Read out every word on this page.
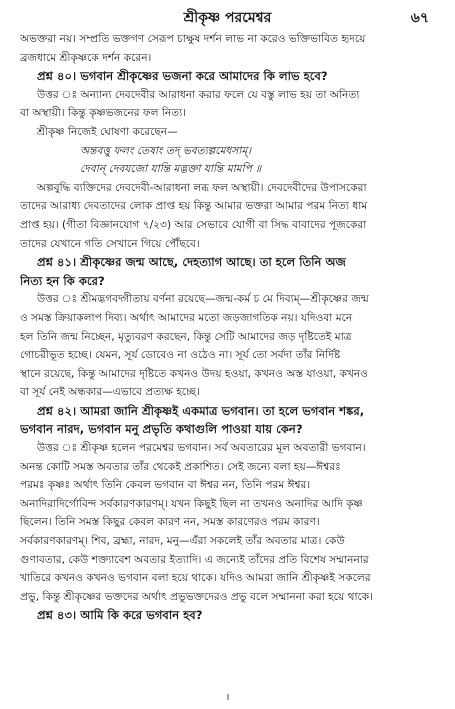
শ্রীকৃষ্ণ পরমেশ্বর	৬৭

অভক্তরা নয়। সম্প্রতি ভক্তগণ সেরূপ চাক্ষুষ দর্শন লাভ না করেও ভক্তিভাবিত হৃদয়ে

ব্রজধামে শ্রীকৃষ্ণকে দর্শন করেন।

প্রশ্ন ৪০। ভগবান শ্রীকৃষ্ণের ভজনা করে আমাদের কি লাভ হবে?

উত্তর ঃ অন্যান্য দেবদেবীর আরাধনা করার ফলে যে বস্তু লাভ হয় তা অনিত্য

বা অস্থায়ী। কিন্তু কৃষ্ণভজনের ফল নিত্য।

শ্রীকৃষ্ণ নিজেই ঘোষণা করেছেন—

অন্তবত্তু ফলং তেষাং তদ্ ভবত্যল্পমেধসাম্।

দেবান্ দেবযজো যান্তি মদ্ভক্তা যান্তি মামপি ॥

অল্পবুদ্ধি ব্যক্তিদের দেবদেবী-আরাধনা লব্ধ ফল অস্থায়ী। দেবদেবীদের উপাসকেরা

তাদের আরাধ্য দেবতাদের লোক প্রাপ্ত হয় কিন্তু আমার ভক্তরা আমার পরম নিত্য ধাম

প্রাপ্ত হয়। (গীতা বিজ্ঞানযোগ ৭/২৩) আর সেভাবে যোগী বা সিদ্ধ বাবাদের পূজকেরা

তাদের যেখানে গতি সেখানে গিয়ে পৌঁছবে।

প্রশ্ন ৪১। শ্রীকৃষ্ণের জন্ম আছে, দেহত্যাগ আছে। তা হলে তিনি অজ

নিত্য হন কি করে?

উত্তর ঃ শ্রীমদ্ভগবদ্গীতায় বর্ণনা রয়েছে—জন্ম-কর্ম চ মে দিব্যম্—শ্রীকৃষ্ণের জন্ম

ও সমস্ত ক্রিয়াকলাপ দিব্য। অর্থাৎ আমাদের মতো জড়জাগতিক নয়। যদিওবা মনে

হল তিনি জন্ম নিচ্ছেন, মৃত্যুবরণ করছেন, কিন্তু সেটি আমাদের জড় দৃষ্টিতেই মাত্র

গোচরীভূত হচ্ছে। যেমন, সূর্য ডোবেও না ওঠেও না। সূর্য তো সর্বদা তাঁর নির্দিষ্ট

স্থানে রয়েছে, কিন্তু আমাদের দৃষ্টিতে কখনও উদয় হওয়া, কখনও অস্ত যাওয়া, কখনও

বা সূর্য নেই অন্ধকার—এভাবে প্রত্যক্ষ হচ্ছে।

প্রশ্ন ৪২। আমরা জানি শ্রীকৃষ্ণই একমাত্র ভগবান। তা হলে ভগবান শঙ্কর,

ভগবান নারদ, ভগবান মনু প্রভৃতি কথাগুলি পাওয়া যায় কেন?

উত্তর ঃ শ্রীকৃষ্ণ হলেন পরমেশ্বর ভগবান। সর্ব অবতারের মূল অবতারী ভগবান।

অনন্ত কোটি সমস্ত অবতার তাঁর থেকেই প্রকাশিত। সেই জন্যে বলা হয়—ঈশ্বরঃ

পরমঃ কৃষ্ণঃ অর্থাৎ তিনি কেবল ভগবান বা ঈশ্বর নন, তিনি পরম ঈশ্বর।

অনাদিরাদির্গোবিন্দ সর্বকারণকারণম্। যখন কিছুই ছিল না তখনও অনাদির আদি কৃষ্ণ

ছিলেন। তিনি সমস্ত কিছুর কেবল কারণ নন, সমস্ত কারণেরও পরম কারণ।

সর্বকারণকারণম্। শিব, ব্রহ্মা, নারদ, মনু—এঁরা সকলেই তাঁর অবতার মাত্র। কেউ

গুণাবতার, কেউ শক্ত্যাবেশ অবতার ইত্যাদি। এ জন্যেই তাঁদের প্রতি বিশেষ সম্মাননার

খাতিরে কখনও কখনও ভগবান বলা হয়ে থাকে। যদিও আমরা জানি শ্রীকৃষ্ণই সকলের

প্রভু, কিন্তু শ্রীকৃষ্ণের ভক্তদের অর্থাৎ প্রভুভক্তদেরও প্রভু বলে সম্মাননা করা হয়ে থাকে।

প্রশ্ন ৪৩। আমি কি করে ভগবান হব?

।
